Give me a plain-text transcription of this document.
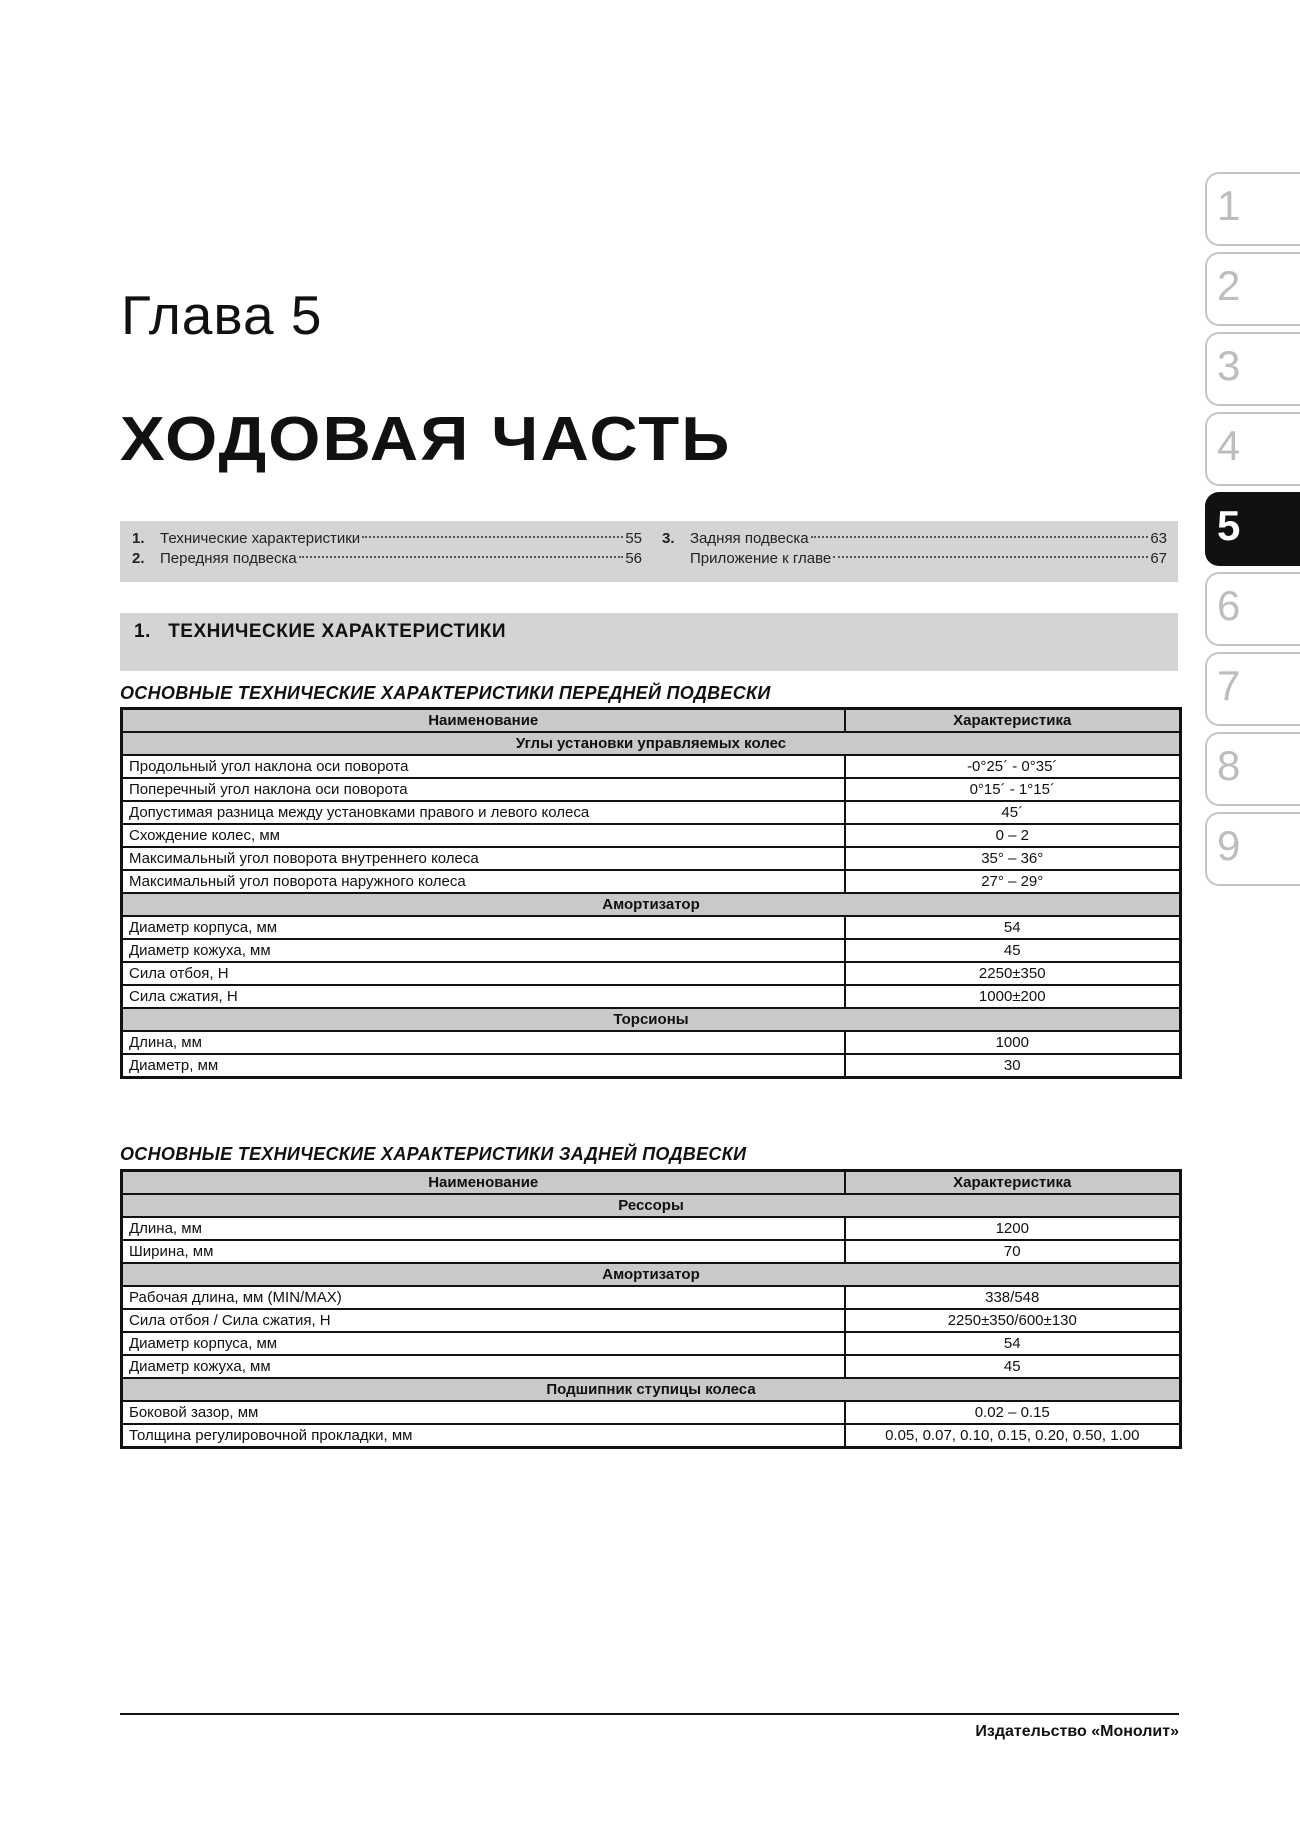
Глава 5
ХОДОВАЯ ЧАСТЬ
1.	Технические характеристики	55
2.	Передняя подвеска	56
3.	Задняя подвеска	63
Приложение к главе	67
1. ТЕХНИЧЕСКИЕ ХАРАКТЕРИСТИКИ
ОСНОВНЫЕ ТЕХНИЧЕСКИЕ ХАРАКТЕРИСТИКИ ПЕРЕДНЕЙ ПОДВЕСКИ
Наименование	Характеристика
Углы установки управляемых колес	
Продольный угол наклона оси поворота	-0°25´ - 0°35´
Поперечный угол наклона оси поворота	0°15´ - 1°15´
Допустимая разница между установками правого и левого колеса	45´
Схождение колес, мм	0 – 2
Максимальный угол поворота внутреннего колеса	35° – 36°
Максимальный угол поворота наружного колеса	27° – 29°
Амортизатор	
Диаметр корпуса, мм	54
Диаметр кожуха, мм	45
Сила отбоя, Н	2250±350
Сила сжатия, Н	1000±200
Торсионы	
Длина, мм	1000
Диаметр, мм	30
ОСНОВНЫЕ ТЕХНИЧЕСКИЕ ХАРАКТЕРИСТИКИ ЗАДНЕЙ ПОДВЕСКИ
Наименование	Характеристика
Рессоры	
Длина, мм	1200
Ширина, мм	70
Амортизатор	
Рабочая длина, мм (MIN/MAX)	338/548
Сила отбоя / Сила сжатия, Н	2250±350/600±130
Диаметр корпуса, мм	54
Диаметр кожуха, мм	45
Подшипник ступицы колеса	
Боковой зазор, мм	0.02 – 0.15
Толщина регулировочной прокладки, мм	0.05, 0.07, 0.10, 0.15, 0.20, 0.50, 1.00
Издательство «Монолит»
1
2
3
4
5
6
7
8
9
